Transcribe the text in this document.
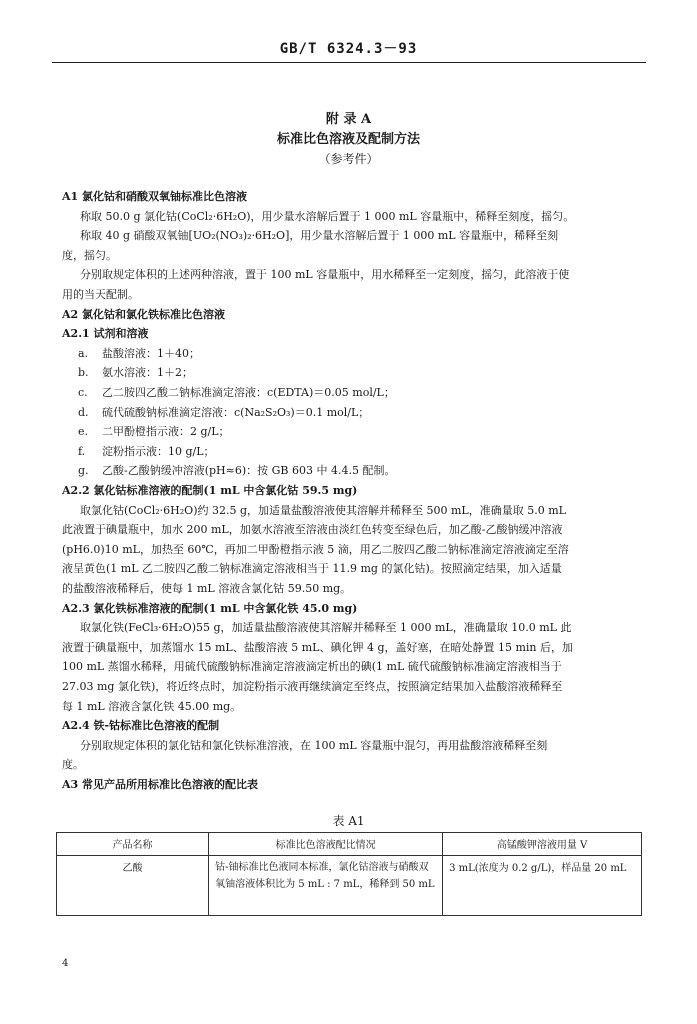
GB/T 6324.3－93
附 录 A
标准比色溶液及配制方法
（参考件）
A1 氯化钴和硝酸双氧铀标准比色溶液
称取 50.0 g 氯化钴(CoCl₂·6H₂O)，用少量水溶解后置于 1 000 mL 容量瓶中，稀释至刻度，摇匀。
称取 40 g 硝酸双氧铀[UO₂(NO₃)₂·6H₂O]，用少量水溶解后置于 1 000 mL 容量瓶中，稀释至刻
度，摇匀。
分别取规定体积的上述两种溶液，置于 100 mL 容量瓶中，用水稀释至一定刻度，摇匀，此溶液于使
用的当天配制。
A2 氯化钴和氯化铁标准比色溶液
A2.1 试剂和溶液
a. 盐酸溶液：1＋40；
b. 氨水溶液：1＋2；
c. 乙二胺四乙酸二钠标准滴定溶液：c(EDTA)＝0.05 mol/L；
d. 硫代硫酸钠标准滴定溶液：c(Na₂S₂O₃)＝0.1 mol/L；
e. 二甲酚橙指示液：2 g/L；
f. 淀粉指示液：10 g/L；
g. 乙酸-乙酸钠缓冲溶液(pH≈6)：按 GB 603 中 4.4.5 配制。
A2.2 氯化钴标准溶液的配制(1 mL 中含氯化钴 59.5 mg)
取氯化钴(CoCl₂·6H₂O)约 32.5 g，加适量盐酸溶液使其溶解并稀释至 500 mL，准确量取 5.0 mL
此液置于碘量瓶中，加水 200 mL，加氨水溶液至溶液由淡红色转变至绿色后，加乙酸-乙酸钠缓冲溶液
(pH6.0)10 mL，加热至 60℃，再加二甲酚橙指示液 5 滴，用乙二胺四乙酸二钠标准滴定溶液滴定至溶
液呈黄色(1 mL 乙二胺四乙酸二钠标准滴定溶液相当于 11.9 mg 的氯化钴)。按照滴定结果，加入适量
的盐酸溶液稀释后，使每 1 mL 溶液含氯化钴 59.50 mg。
A2.3 氯化铁标准溶液的配制(1 mL 中含氯化铁 45.0 mg)
取氯化铁(FeCl₃·6H₂O)55 g，加适量盐酸溶液使其溶解并稀释至 1 000 mL，准确量取 10.0 mL 此
液置于碘量瓶中，加蒸馏水 15 mL、盐酸溶液 5 mL、碘化钾 4 g，盖好塞，在暗处静置 15 min 后，加
100 mL 蒸馏水稀释，用硫代硫酸钠标准滴定溶液滴定析出的碘(1 mL 硫代硫酸钠标准滴定溶液相当于
27.03 mg 氯化铁)，将近终点时，加淀粉指示液再继续滴定至终点，按照滴定结果加入盐酸溶液稀释至
每 1 mL 溶液含氯化铁 45.00 mg。
A2.4 铁-钴标准比色溶液的配制
分别取规定体积的氯化钴和氯化铁标准溶液，在 100 mL 容量瓶中混匀，再用盐酸溶液稀释至刻
度。
A3 常见产品所用标准比色溶液的配比表
表 A1
产品名称	标准比色溶液配比情况	高锰酸钾溶液用量 V
乙酸	钴-铀标准比色液同本标准，氯化钴溶液与硝酸双氧铀溶液体积比为 5 mL : 7 mL，稀释到 50 mL	3 mL(浓度为 0.2 g/L)，样品量 20 mL
4
